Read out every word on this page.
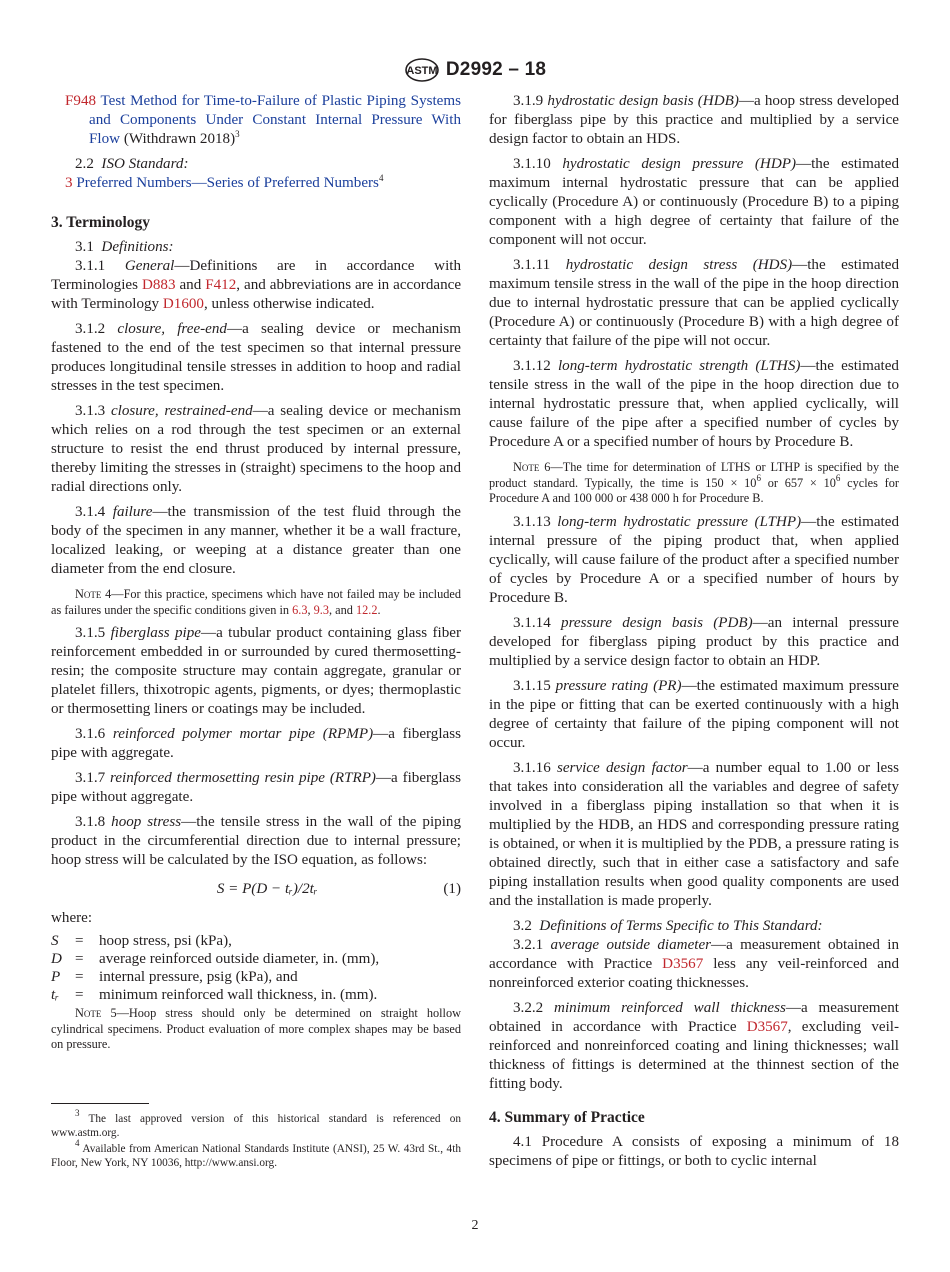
ASTM D2992 – 18
F948 Test Method for Time-to-Failure of Plastic Piping Systems and Components Under Constant Internal Pressure With Flow (Withdrawn 2018)$^3$

2.2 ISO Standard:

3 Preferred Numbers—Series of Preferred Numbers$^4$
3. Terminology

3.1 Definitions:

3.1.1 General—Definitions are in accordance with Terminologies D883 and F412, and abbreviations are in accordance with Terminology D1600, unless otherwise indicated.

3.1.2 closure, free-end—a sealing device or mechanism fastened to the end of the test specimen so that internal pressure produces longitudinal tensile stresses in addition to hoop and radial stresses in the test specimen.

3.1.3 closure, restrained-end—a sealing device or mechanism which relies on a rod through the test specimen or an external structure to resist the end thrust produced by internal pressure, thereby limiting the stresses in (straight) specimens to the hoop and radial directions only.

3.1.4 failure—the transmission of the test fluid through the body of the specimen in any manner, whether it be a wall fracture, localized leaking, or weeping at a distance greater than one diameter from the end closure.

Note 4—For this practice, specimens which have not failed may be included as failures under the specific conditions given in 6.3, 9.3, and 12.2.

3.1.5 fiberglass pipe—a tubular product containing glass fiber reinforcement embedded in or surrounded by cured thermosetting-resin; the composite structure may contain aggregate, granular or platelet fillers, thixotropic agents, pigments, or dyes; thermoplastic or thermosetting liners or coatings may be included.

3.1.6 reinforced polymer mortar pipe (RPMP)—a fiberglass pipe with aggregate.

3.1.7 reinforced thermosetting resin pipe (RTRP)—a fiberglass pipe without aggregate.

3.1.8 hoop stress—the tensile stress in the wall of the piping product in the circumferential direction due to internal pressure; hoop stress will be calculated by the ISO equation, as follows:

S = P(D − tᵣ)/2tᵣ	(1)
where:
S	=	hoop stress, psi (kPa),
D =	average reinforced outside diameter, in. (mm),
P =	internal pressure, psig (kPa), and
tᵣ	=	minimum reinforced wall thickness, in. (mm).
Note 5—Hoop stress should only be determined on straight hollow cylindrical specimens. Product evaluation of more complex shapes may be based on pressure.
$^3$ The last approved version of this historical standard is referenced on www.astm.org.
$^4$ Available from American National Standards Institute (ANSI), 25 W. 43rd St., 4th Floor, New York, NY 10036, http://www.ansi.org.

3.1.9 hydrostatic design basis (HDB)—a hoop stress developed for fiberglass pipe by this practice and multiplied by a service design factor to obtain an HDS.

3.1.10 hydrostatic design pressure (HDP)—the estimated maximum internal hydrostatic pressure that can be applied cyclically (Procedure A) or continuously (Procedure B) to a piping component with a high degree of certainty that failure of the component will not occur.

3.1.11 hydrostatic design stress (HDS)—the estimated maximum tensile stress in the wall of the pipe in the hoop direction due to internal hydrostatic pressure that can be applied cyclically (Procedure A) or continuously (Procedure B) with a high degree of certainty that failure of the pipe will not occur.

3.1.12 long-term hydrostatic strength (LTHS)—the estimated tensile stress in the wall of the pipe in the hoop direction due to internal hydrostatic pressure that, when applied cyclically, will cause failure of the pipe after a specified number of cycles by Procedure A or a specified number of hours by Procedure B.

Note 6—The time for determination of LTHS or LTHP is specified by the product standard. Typically, the time is $150 \times 10^6$ or $657 \times 10^6$ cycles for Procedure A and 100 000 or 438 000 h for Procedure B.

3.1.13 long-term hydrostatic pressure (LTHP)—the estimated internal pressure of the piping product that, when applied cyclically, will cause failure of the product after a specified number of cycles by Procedure A or a specified number of hours by Procedure B.

3.1.14 pressure design basis (PDB)—an internal pressure developed for fiberglass piping product by this practice and multiplied by a service design factor to obtain an HDP.

3.1.15 pressure rating (PR)—the estimated maximum pressure in the pipe or fitting that can be exerted continuously with a high degree of certainty that failure of the piping component will not occur.

3.1.16 service design factor—a number equal to 1.00 or less that takes into consideration all the variables and degree of safety involved in a fiberglass piping installation so that when it is multiplied by the HDB, an HDS and corresponding pressure rating is obtained, or when it is multiplied by the PDB, a pressure rating is obtained directly, such that in either case a satisfactory and safe piping installation results when good quality components are used and the installation is made properly.

3.2 Definitions of Terms Specific to This Standard:

3.2.1 average outside diameter—a measurement obtained in accordance with Practice D3567 less any veil-reinforced and nonreinforced exterior coating thicknesses.

3.2.2 minimum reinforced wall thickness—a measurement obtained in accordance with Practice D3567, excluding veil-reinforced and nonreinforced coating and lining thicknesses; wall thickness of fittings is determined at the thinnest section of the fitting body.

4. Summary of Practice

4.1 Procedure A consists of exposing a minimum of 18 specimens of pipe or fittings, or both to cyclic internal

2
